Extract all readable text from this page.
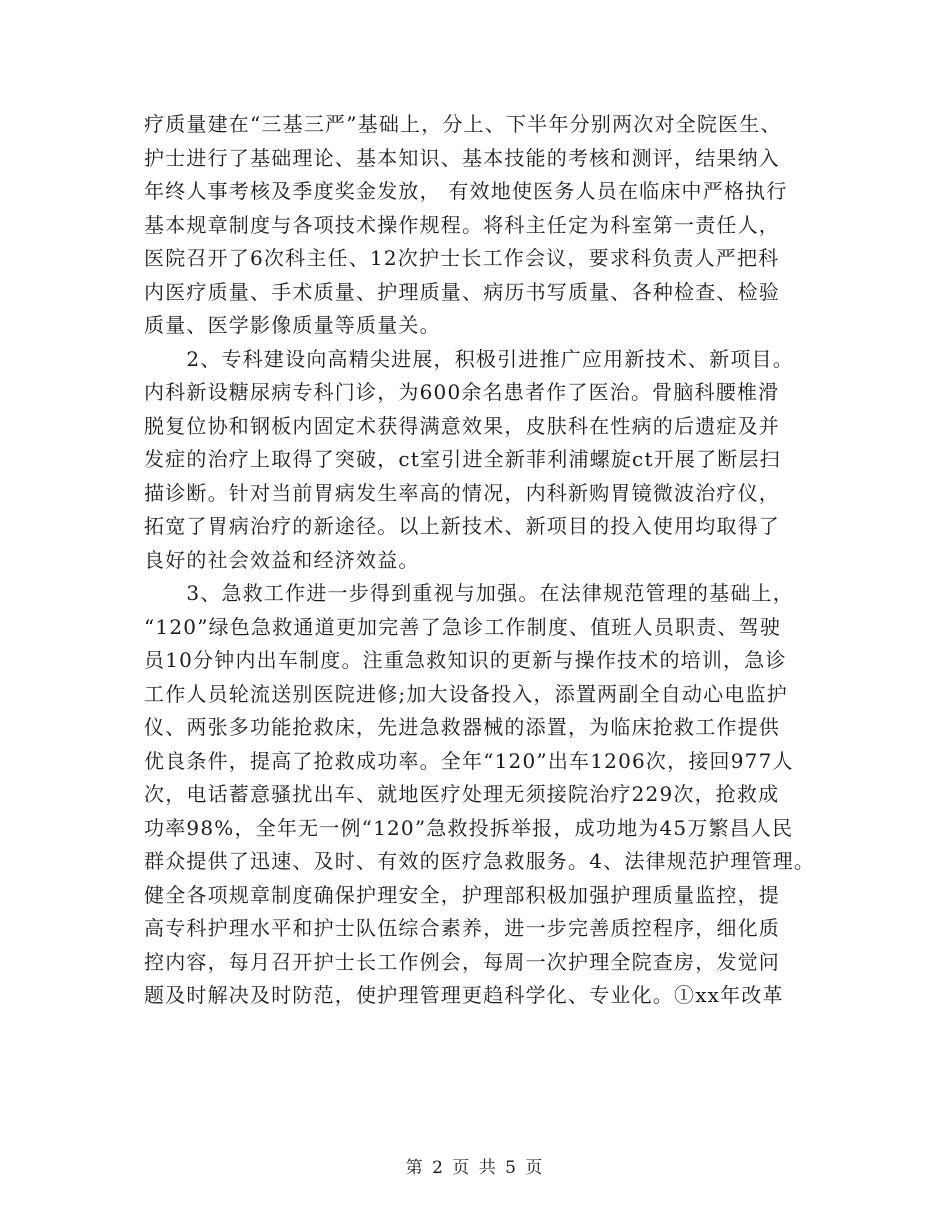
疗质量建在“三基三严”基础上，分上、下半年分别两次对全院医生、
护士进行了基础理论、基本知识、基本技能的考核和测评，结果纳入
年终人事考核及季度奖金发放， 有效地使医务人员在临床中严格执行
基本规章制度与各项技术操作规程。将科主任定为科室第一责任人，
医院召开了6次科主任、12次护士长工作会议，要求科负责人严把科
内医疗质量、手术质量、护理质量、病历书写质量、各种检查、检验
质量、医学影像质量等质量关。
　　2、专科建设向高精尖进展，积极引进推广应用新技术、新项目。
内科新设糖尿病专科门诊，为600余名患者作了医治。骨脑科腰椎滑
脱复位协和钢板内固定术获得满意效果，皮肤科在性病的后遗症及并
发症的治疗上取得了突破，ct室引进全新菲利浦螺旋ct开展了断层扫
描诊断。针对当前胃病发生率高的情况，内科新购胃镜微波治疗仪，
拓宽了胃病治疗的新途径。以上新技术、新项目的投入使用均取得了
良好的社会效益和经济效益。
　　3、急救工作进一步得到重视与加强。在法律规范管理的基础上，
“120”绿色急救通道更加完善了急诊工作制度、值班人员职责、驾驶
员10分钟内出车制度。注重急救知识的更新与操作技术的培训，急诊
工作人员轮流送别医院进修;加大设备投入，添置两副全自动心电监护
仪、两张多功能抢救床，先进急救器械的添置，为临床抢救工作提供
优良条件，提高了抢救成功率。全年“120”出车1206次，接回977人
次，电话蓄意骚扰出车、就地医疗处理无须接院治疗229次，抢救成
功率98%，全年无一例“120”急救投拆举报，成功地为45万繁昌人民
群众提供了迅速、及时、有效的医疗急救服务。4、法律规范护理管理。
健全各项规章制度确保护理安全，护理部积极加强护理质量监控，提
高专科护理水平和护士队伍综合素养，进一步完善质控程序，细化质
控内容，每月召开护士长工作例会，每周一次护理全院查房，发觉问
题及时解决及时防范，使护理管理更趋科学化、专业化。①xx年改革
第 2 页 共 5 页
